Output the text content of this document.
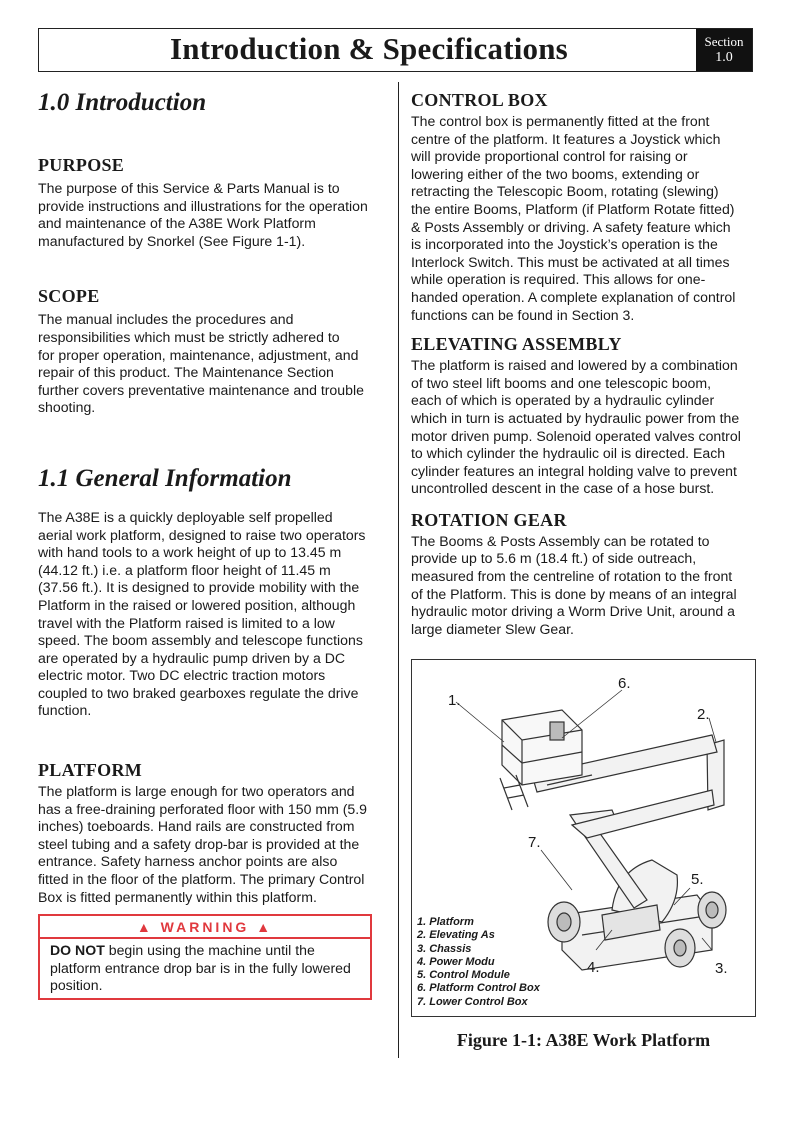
Introduction & Specifications	Section
1.0
1.0 Introduction
PURPOSE

The purpose of this Service & Parts Manual is to
provide instructions and illustrations for the operation
and maintenance of the A38E Work Platform
manufactured by Snorkel (See Figure 1-1).

SCOPE

The manual includes the procedures and
responsibilities which must be strictly adhered to
for proper operation, maintenance, adjustment, and
repair of this product. The Maintenance Section
further covers preventative maintenance and trouble
shooting.

1.1 General Information

The A38E is a quickly deployable self propelled
aerial work platform, designed to raise two operators
with hand tools to a work height of up to 13.45 m
(44.12 ft.) i.e. a platform floor height of 11.45 m
(37.56 ft.). It is designed to provide mobility with the
Platform in the raised or lowered position, although
travel with the Platform raised is limited to a low
speed. The boom assembly and telescope functions
are operated by a hydraulic pump driven by a DC
electric motor. Two DC electric traction motors
coupled to two braked gearboxes regulate the drive
function.

PLATFORM

The platform is large enough for two operators and
has a free-draining perforated floor with 150 mm (5.9
inches) toeboards. Hand rails are constructed from
steel tubing and a safety drop-bar is provided at the
entrance. Safety harness anchor points are also
fitted in the floor of the platform. The primary Control
Box is fitted permanently within this platform.

▲ WARNING ▲
DO NOT begin using the machine until the
platform entrance drop bar is in the fully lowered
position.
CONTROL BOX

The control box is permanently fitted at the front
centre of the platform. It features a Joystick which
will provide proportional control for raising or
lowering either of the two booms, extending or
retracting the Telescopic Boom, rotating (slewing)
the entire Booms, Platform (if Platform Rotate fitted)
& Posts Assembly or driving. A safety feature which
is incorporated into the Joystick’s operation is the
Interlock Switch. This must be activated at all times
while operation is required. This allows for one-
handed operation. A complete explanation of control
functions can be found in Section 3.

ELEVATING ASSEMBLY

The platform is raised and lowered by a combination
of two steel lift booms and one telescopic boom,
each of which is operated by a hydraulic cylinder
which in turn is actuated by hydraulic power from the
motor driven pump. Solenoid operated valves control
to which cylinder the hydraulic oil is directed. Each
cylinder features an integral holding valve to prevent
uncontrolled descent in the case of a hose burst.

ROTATION GEAR

The Booms & Posts Assembly can be rotated to
provide up to 5.6 m (18.4 ft.) of side outreach,
measured from the centreline of rotation to the front
of the Platform. This is done by means of an integral
hydraulic motor driving a Worm Drive Unit, around a
large diameter Slew Gear.

1.
2.
3.
4.
5.
6.
7.
1. Platform
2. Elevating As
3. Chassis
4. Power Modu
5. Control Module
6. Platform Control Box
7. Lower Control Box
Figure 1-1: A38E Work Platform
